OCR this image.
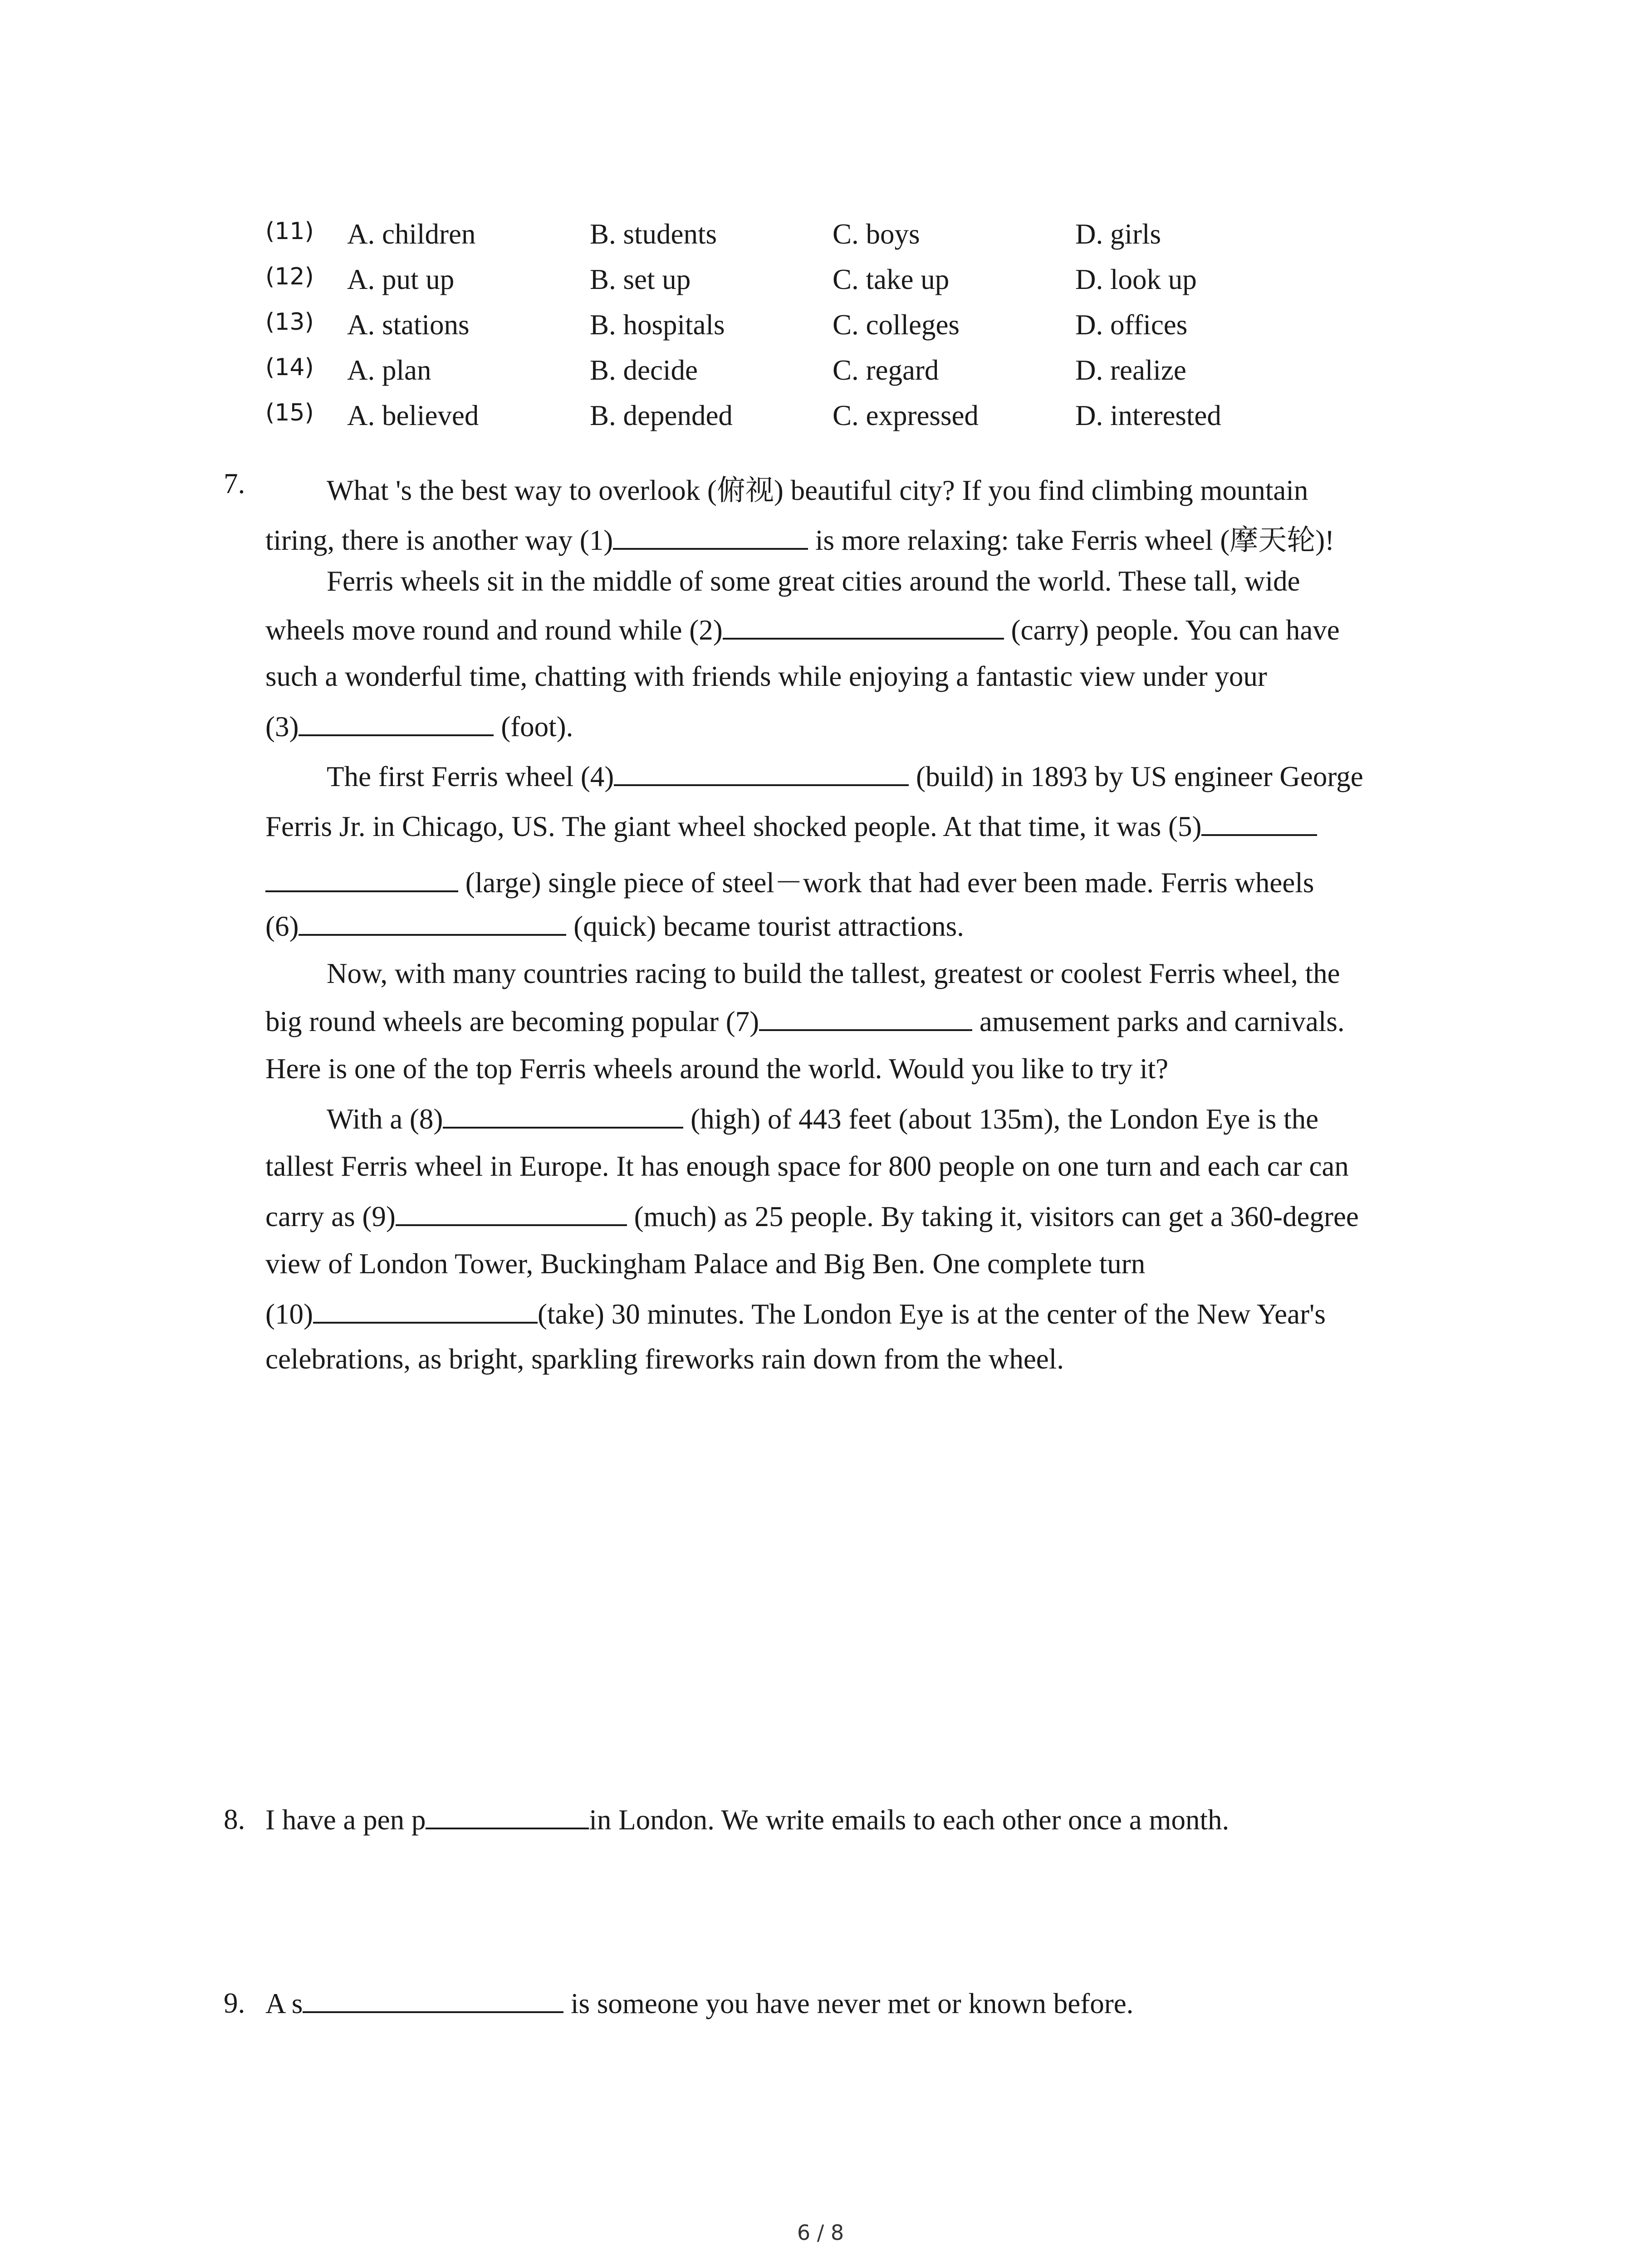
(11) A. children	B. students	C. boys	D. girls
(12) A. put up	B. set up	C. take up	D. look up
(13) A. stations	B. hospitals	C. colleges	D. offices
(14) A. plan	B. decide	C. regard	D. realize
(15) A. believed	B. depended	C. expressed	D. interested
7.	What 's the best way to overlook (俯视) beautiful city? If you find climbing mountain
tiring, there is another way (1)	is more relaxing: take Ferris wheel (摩天轮)!
Ferris wheels sit in the middle of some great cities around the world. These tall, wide
wheels move round and round while (2)	(carry) people. You can have
such a wonderful time, chatting with friends while enjoying a fantastic view under your
(3)	(foot).
The first Ferris wheel (4)	(build) in 1893 by US engineer George
Ferris Jr. in Chicago, US. The giant wheel shocked people. At that time, it was (5)
(large) single piece of steel－work that had ever been made. Ferris wheels
(6)	(quick) became tourist attractions.
Now, with many countries racing to build the tallest, greatest or coolest Ferris wheel, the
big round wheels are becoming popular (7)	amusement parks and carnivals.
Here is one of the top Ferris wheels around the world. Would you like to try it?
With a (8)	(high) of 443 feet (about 135m), the London Eye is the
tallest Ferris wheel in Europe. It has enough space for 800 people on one turn and each car can
carry as (9)	(much) as 25 people. By taking it, visitors can get a 360-degree
view of London Tower, Buckingham Palace and Big Ben. One complete turn
(10)	(take) 30 minutes. The London Eye is at the center of the New Year's
celebrations, as bright, sparkling fireworks rain down from the wheel.
8. I have a pen p	in London. We write emails to each other once a month.
9. A s	is someone you have never met or known before.
6 / 8
